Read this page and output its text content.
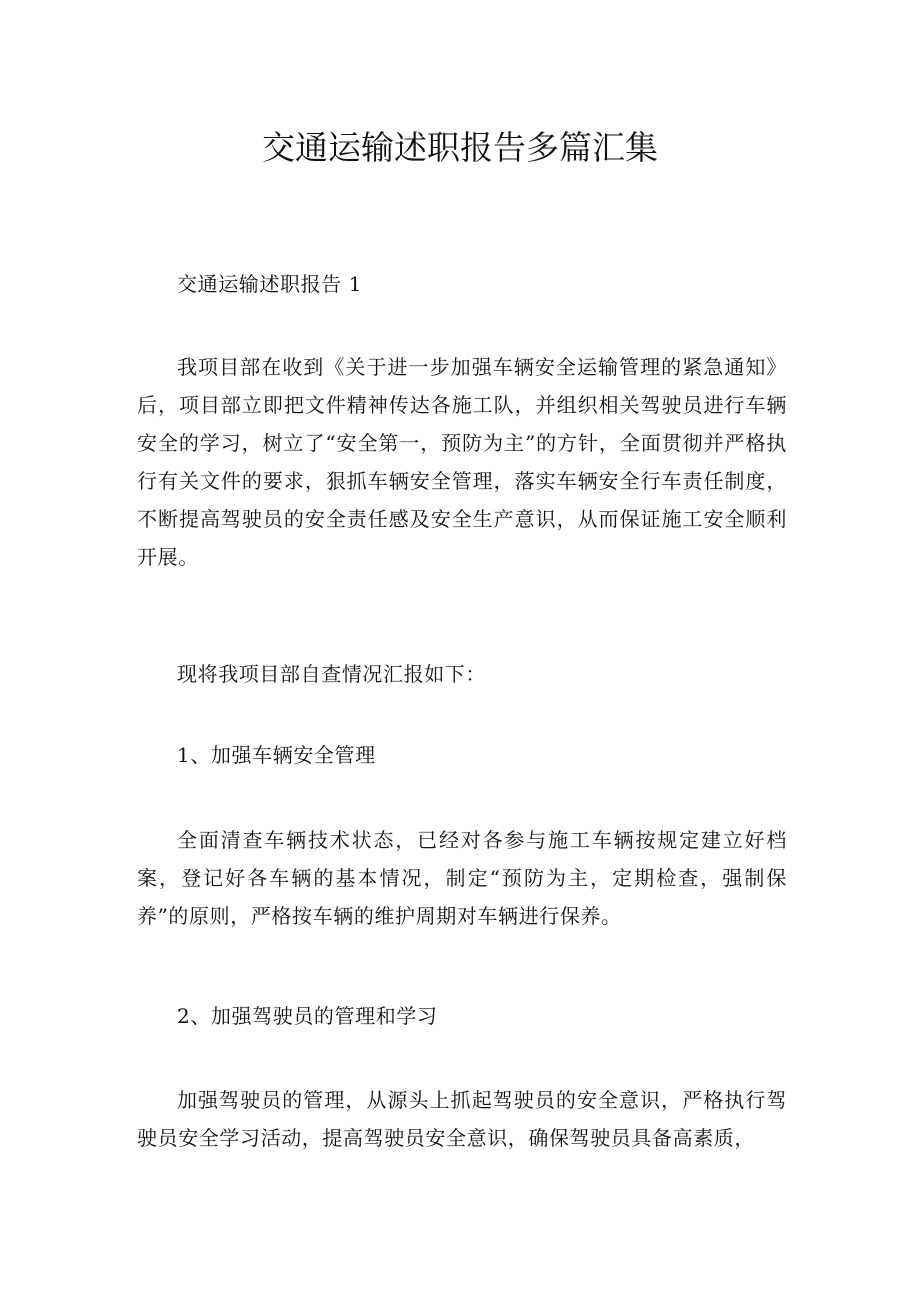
交通运输述职报告多篇汇集
交通运输述职报告 1
我项目部在收到《关于进一步加强车辆安全运输管理的紧急通知》后，项目部立即把文件精神传达各施工队，并组织相关驾驶员进行车辆安全的学习，树立了“安全第一，预防为主”的方针，全面贯彻并严格执行有关文件的要求，狠抓车辆安全管理，落实车辆安全行车责任制度，不断提高驾驶员的安全责任感及安全生产意识，从而保证施工安全顺利开展。
现将我项目部自查情况汇报如下：
1、加强车辆安全管理
全面清查车辆技术状态，已经对各参与施工车辆按规定建立好档案，登记好各车辆的基本情况，制定“预防为主，定期检查，强制保养”的原则，严格按车辆的维护周期对车辆进行保养。
2、加强驾驶员的管理和学习
加强驾驶员的管理，从源头上抓起驾驶员的安全意识，严格执行驾驶员安全学习活动，提高驾驶员安全意识，确保驾驶员具备高素质，
